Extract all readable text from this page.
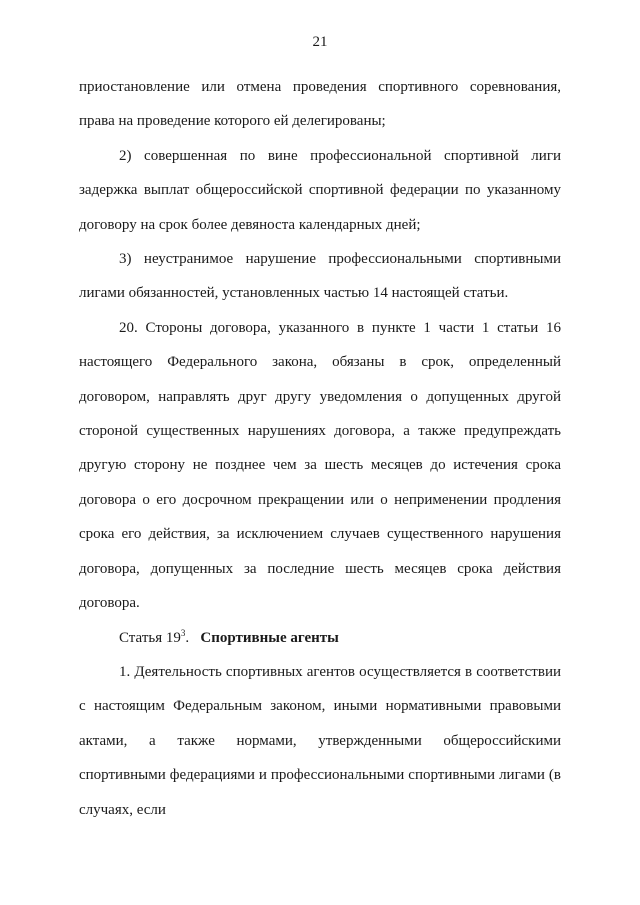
21

приостановление или отмена проведения спортивного соревнования, права на проведение которого ей делегированы;

2) совершенная по вине профессиональной спортивной лиги задержка выплат общероссийской спортивной федерации по указанному договору на срок более девяноста календарных дней;

3) неустранимое нарушение профессиональными спортивными лигами обязанностей, установленных частью 14 настоящей статьи.

20. Стороны договора, указанного в пункте 1 части 1 статьи 16 настоящего Федерального закона, обязаны в срок, определенный договором, направлять друг другу уведомления о допущенных другой стороной существенных нарушениях договора, а также предупреждать другую сторону не позднее чем за шесть месяцев до истечения срока договора о его досрочном прекращении или о неприменении продления срока его действия, за исключением случаев существенного нарушения договора, допущенных за последние шесть месяцев срока действия договора.

Статья $19^3$. Спортивные агенты

1. Деятельность спортивных агентов осуществляется в соответствии с настоящим Федеральным законом, иными нормативными правовыми актами, а также нормами, утвержденными общероссийскими спортивными федерациями и профессиональными спортивными лигами (в случаях, если
